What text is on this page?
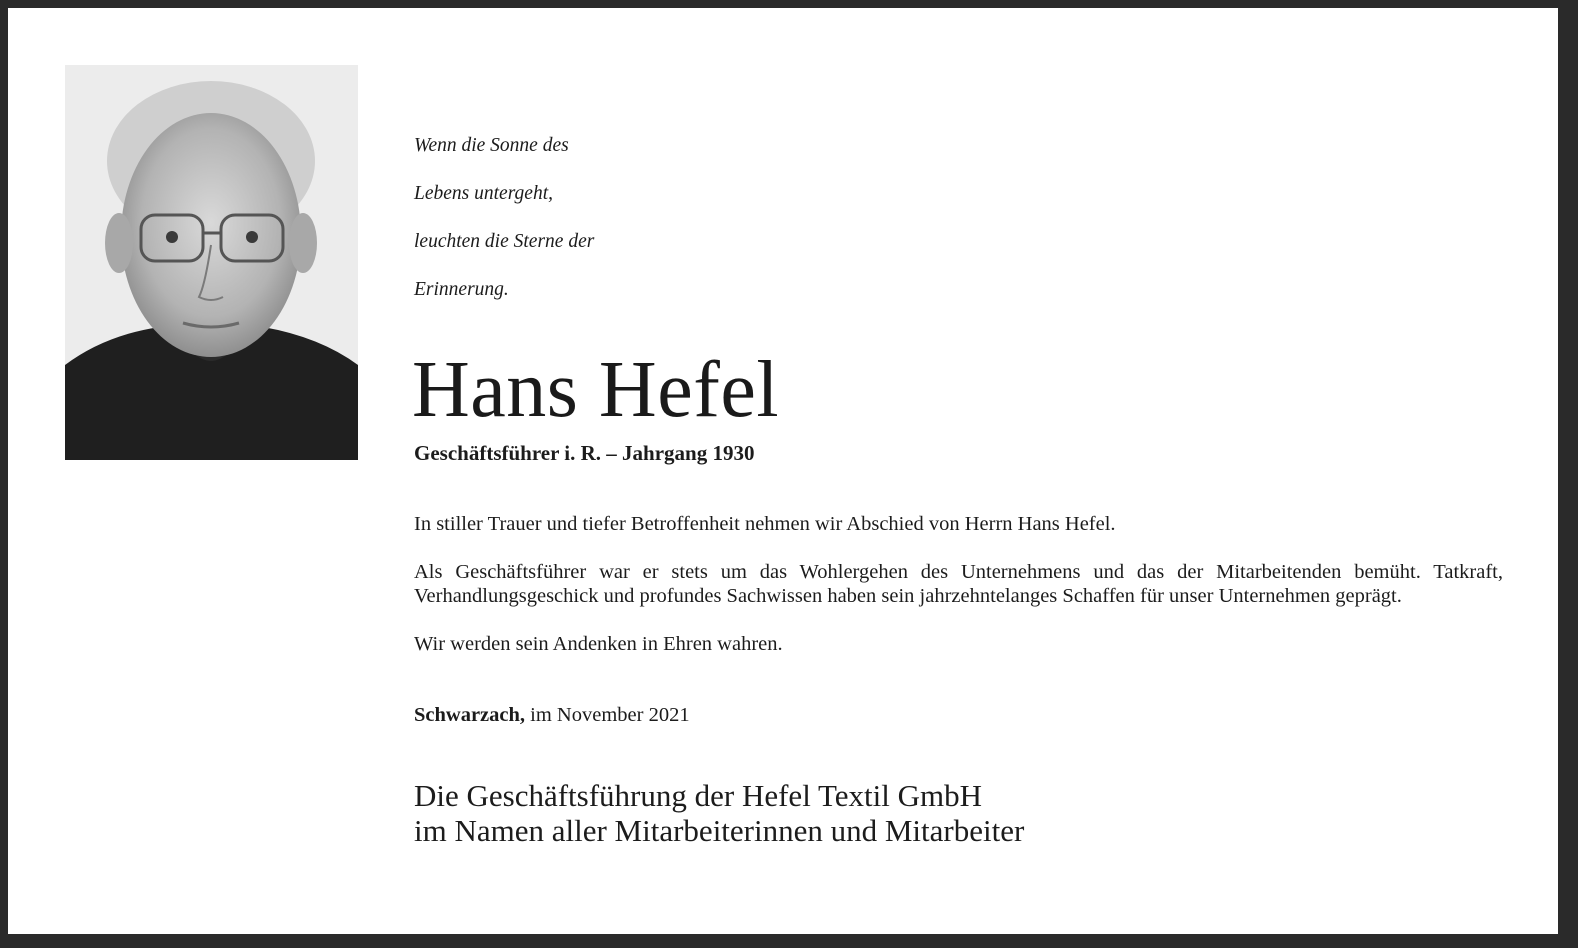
Wenn die Sonne des

Lebens untergeht,

leuchten die Sterne der

Erinnerung.

Hans Hefel
Geschäftsführer i. R. – Jahrgang 1930

In stiller Trauer und tiefer Betroffenheit nehmen wir Abschied von Herrn Hans Hefel.

Als Geschäftsführer war er stets um das Wohlergehen des Unternehmens und das der Mitarbeitenden bemüht. Tatkraft, Verhandlungsgeschick und profundes Sachwissen haben sein jahrzehntelanges Schaffen für unser Unternehmen geprägt.

Wir werden sein Andenken in Ehren wahren.

Schwarzach, im November 2021
Die Geschäftsführung der Hefel Textil GmbH
im Namen aller Mitarbeiterinnen und Mitarbeiter
